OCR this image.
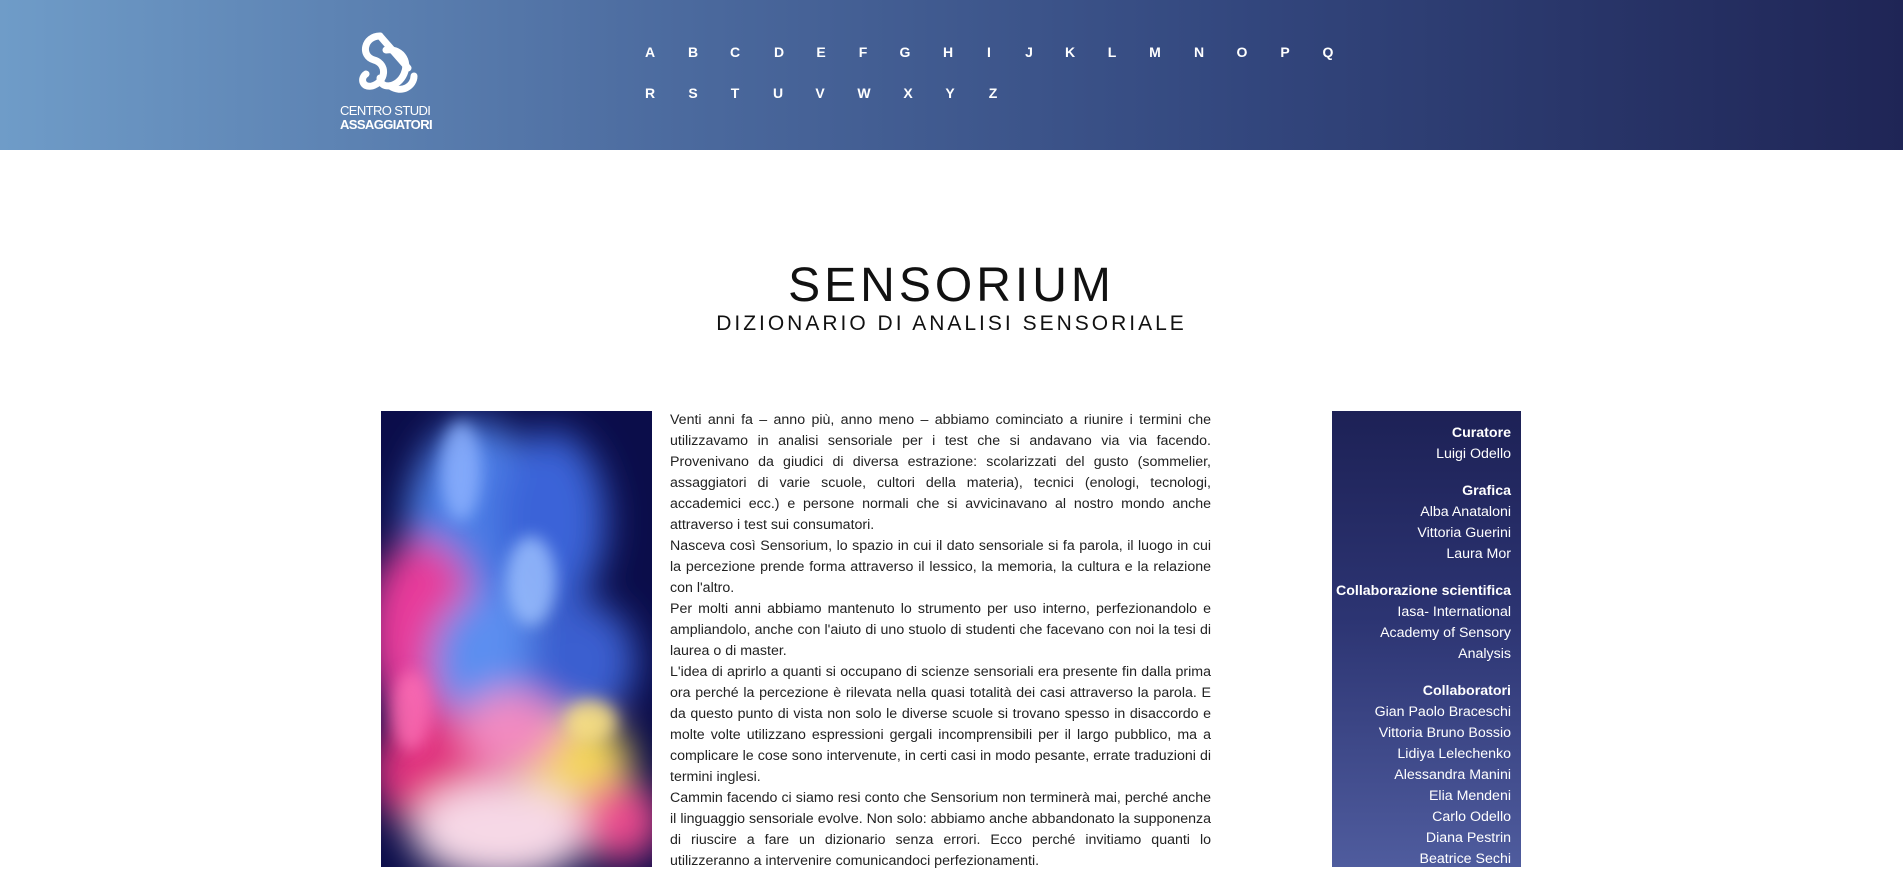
CENTRO STUDI
ASSAGGIATORI
A	B	C	D	E	F	G	H	I	J	K	L	M	N	O	P	Q
R	S	T	U	V	W	X	Y	Z
SENSORIUM
DIZIONARIO DI ANALISI SENSORIALE

Venti anni fa – anno più, anno meno – abbiamo cominciato a riunire i termini che utilizzavamo in analisi sensoriale per i test che si andavano via via facendo. Provenivano da giudici di diversa estrazione: scolarizzati del gusto (sommelier, assaggiatori di varie scuole, cultori della materia), tecnici (enologi, tecnologi, accademici ecc.) e persone normali che si avvicinavano al nostro mondo anche attraverso i test sui consumatori.

Nasceva così Sensorium, lo spazio in cui il dato sensoriale si fa parola, il luogo in cui la percezione prende forma attraverso il lessico, la memoria, la cultura e la relazione con l'altro.

Per molti anni abbiamo mantenuto lo strumento per uso interno, perfezionandolo e ampliandolo, anche con l'aiuto di uno stuolo di studenti che facevano con noi la tesi di laurea o di master.

L'idea di aprirlo a quanti si occupano di scienze sensoriali era presente fin dalla prima ora perché la percezione è rilevata nella quasi totalità dei casi attraverso la parola. E da questo punto di vista non solo le diverse scuole si trovano spesso in disaccordo e molte volte utilizzano espressioni gergali incomprensibili per il largo pubblico, ma a complicare le cose sono intervenute, in certi casi in modo pesante, errate traduzioni di termini inglesi.

Cammin facendo ci siamo resi conto che Sensorium non terminerà mai, perché anche il linguaggio sensoriale evolve. Non solo: abbiamo anche abbandonato la supponenza di riuscire a fare un dizionario senza errori. Ecco perché invitiamo quanti lo utilizzeranno a intervenire comunicandoci perfezionamenti.

Curatore
Luigi Odello
Grafica
Alba Anataloni
Vittoria Guerini
Laura Mor
Collaborazione scientifica
Iasa- International
Academy of Sensory
Analysis
Collaboratori
Gian Paolo Braceschi
Vittoria Bruno Bossio
Lidiya Lelechenko
Alessandra Manini
Elia Mendeni
Carlo Odello
Diana Pestrin
Beatrice Sechi
